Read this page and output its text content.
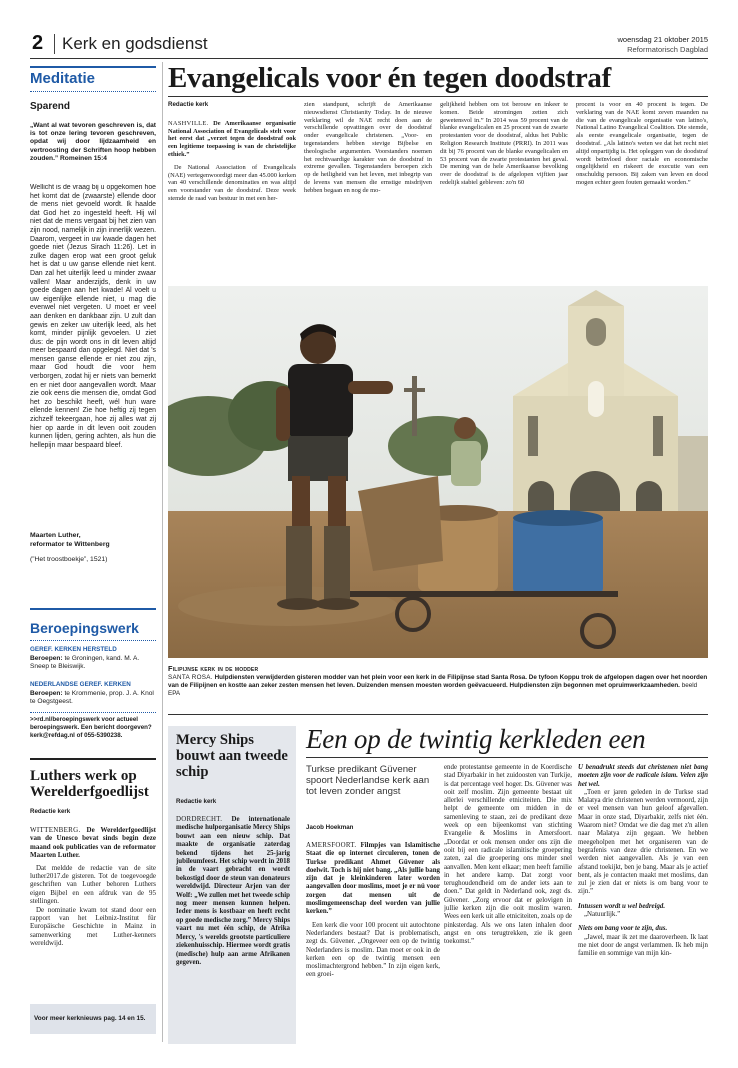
2 Kerk en godsdienst	woensdag 21 oktober 2015
Reformatorisch Dagblad
Meditatie
Sparend
„Want al wat tevoren geschreven is, dat is tot onze lering tevoren geschreven, opdat wij door lijdzaamheid en vertroosting der Schriften hoop hebben zouden.” Romeinen 15:4
Wellicht is de vraag bij u opgekomen hoe het komt dat de (zwaarste) ellende door de mens niet gevoeld wordt. Ik haalde dat God het zo ingesteld heeft. Hij wil niet dat de mens vergaat bij het zien van zijn nood, namelijk in zijn innerlijk wezen. Daarom, vergeet in uw kwade dagen het goede niet (Jezus Sirach 11:26). Let in zulke dagen erop wat een groot geluk het is dat u uw ganse ellende niet kent. Dan zal het uiterlijk leed u minder zwaar vallen! Maar anderzijds, denk in uw goede dagen aan het kwade! Al voelt u uw eigenlijke ellende niet, u mag die evenwel niet vergeten. U moet er veel aan denken en dankbaar zijn. U zult dan gewis en zeker uw uiterlijk leed, als het komt, minder pijnlijk gevoelen. U ziet dus: de pijn wordt ons in dit leven altijd meer bespaard dan opgelegd. Niet dat 's mensen ganse ellende er niet zou zijn, maar God houdt die voor hem verborgen, zodat hij er niets van bemerkt en er niet door aangevallen wordt. Maar zie ook eens die mensen die, omdat God het zo beschikt heeft, wél hun ware ellende kennen! Zie hoe heftig zij tegen zichzelf tekeergaan, hoe zij alles wat zij hier op aarde in dit leven ooit zouden kunnen lijden, gering achten, als hun die hellepijn maar bespaard bleef.
Maarten Luther,
reformator te Wittenberg
(”Het troostboekje”, 1521)
Beroepingswerk
GEREF. KERKEN HERSTELD
Beroepen: te Groningen, kand. M. A. Sneep te Bleiswijk.
NEDERLANDSE GEREF. KERKEN
Beroepen: te Krommenie, prop. J. A. Knol te Oegstgeest.
>>rd.nl/beroepingswerk voor actueel beroepingswerk. Een bericht doorgeven? kerk@refdag.nl of 055-5390238.
Luthers werk op Werelderfgoedlijst
Redactie kerk

WITTENBERG. De Werelderfgoedlijst van de Unesco bevat sinds begin deze maand ook publicaties van de reformator Maarten Luther.

Dat meldde de redactie van de site luther2017.de gisteren. Tot de toegevoegde geschriften van Luther behoren Luthers eigen Bijbel en een afdruk van de 95 stellingen.

De nominatie kwam tot stand door een rapport van het Leibniz-Institut für Europäische Geschichte in Mainz in samenwerking met Luther-kenners wereldwijd.

Voor meer kerknieuws pag. 14 en 15.
Evangelicals voor én tegen doodstraf
Redactie kerk

NASHVILLE. De Amerikaanse organisatie National Association of Evangelicals stelt voor het eerst dat „verzet tegen de doodstraf ook een legitieme toepassing is van de christelijke ethiek.”

De National Association of Evangelicals (NAE) vertegenwoordigt meer dan 45.000 kerken van 40 verschillende denominaties en was altijd een voorstander van de doodstraf. Deze week stemde de raad van bestuur in met een her-

zien standpunt, schrijft de Amerikaanse nieuwsdienst Christianity Today. In de nieuwe verklaring wil de NAE recht doen aan de verschillende opvattingen over de doodstraf onder evangelicale christenen. „Voor- en tegenstanders hebben stevige Bijbelse en theologische argumenten. Voorstanders noemen het rechtvaardige karakter van de doodstraf in extreme gevallen. Tegenstanders beroepen zich op de heiligheid van het leven, met inbegrip van de levens van mensen die ernstige misdrijven hebben begaan en nog de mo-
gelijkheid hebben om tot berouw en inkeer te komen. Beide stromingen zetten zich gewetensvol in.” In 2014 was 59 procent van de blanke evangelicalen en 25 procent van de zwarte protestanten voor de doodstraf, aldus het Public Religion Research Institute (PRRI). In 2011 was dit bij 76 procent van de blanke evangelicalen en 53 procent van de zwarte protestanten het geval. De mening van de hele Amerikaanse bevolking over de doodstraf is de afgelopen vijftien jaar redelijk stabiel gebleven: zo'n 60
procent is voor en 40 procent is tegen. De verklaring van de NAE komt zeven maanden na die van de evangelicale organisatie van latino's, National Latino Evangelical Coalition. Die stemde, als eerste evangelicale organisatie, tegen de doodstraf. „Als latino's weten we dat het recht niet altijd onpartijdig is. Het opleggen van de doodstraf wordt beïnvloed door raciale en economische ongelijkheid en riskeert de executie van een onschuldig persoon. Bij zaken van leven en dood mogen echter geen fouten gemaakt worden.”
Filipijnse kerk in de modder
SANTA ROSA. Hulpdiensten verwijderden gisteren modder van het plein voor een kerk in de Filipijnse stad Santa Rosa. De tyfoon Koppu trok de afgelopen dagen over het noorden van de Filipijnen en kostte aan zeker zesten mensen het leven. Duizenden mensen moesten worden geëvacueerd. Hulpdiensten zijn begonnen met opruimwerkzaamheden. beeld EPA
Mercy Ships bouwt aan tweede schip
Redactie kerk

DORDRECHT. De internationale medische hulporganisatie Mercy Ships bouwt aan een nieuw schip. Dat maakte de organisatie zaterdag bekend tijdens het 25-jarig jubileumfeest. Het schip wordt in 2018 in de vaart gebracht en wordt bekostigd door de steun van donateurs wereldwijd. Directeur Arjen van der Wolf: „We zullen met het tweede schip nog meer mensen kunnen helpen. Ieder mens is kostbaar en heeft recht op goede medische zorg.” Mercy Ships vaart nu met één schip, de Afrika Mercy, 's werelds grootste particuliere ziekenhuisschip. Hiermee wordt gratis (medische) hulp aan arme Afrikanen gegeven.

Een op de twintig kerkleden een
Turkse predikant Güvener spoort Nederlandse kerk aan tot leven zonder angst
Jacob Hoekman

AMERSFOORT. Filmpjes van Islamitische Staat die op internet circuleren, tonen de Turkse predikant Ahmet Güvener als doelwit. Toch is hij niet bang. „Als jullie bang zijn dat je kleinkinderen later worden aangevallen door moslims, moet je er nú voor zorgen dat mensen uit de moslimgemeenschap deel worden van jullie kerken.”

Een kerk die voor 100 procent uit autochtone Nederlanders bestaat? Dat is problematisch, zegt ds. Güvener. „Ongeveer een op de twintig Nederlanders is moslim. Dan moet er ook in de kerken een op de twintig mensen een moslimachtergrond hebben.” In zijn eigen kerk, een groei-

ende protestantse gemeente in de Koerdische stad Diyarbakir in het zuidoosten van Turkije, is dat percentage veel hoger. Ds. Güvener was ooit zelf moslim. Zijn gemeente bestaat uit allerlei verschillende etniciteiten. Die mix helpt de gemeente om midden in de samenleving te staan, zei de predikant deze week op een bijeenkomst van stichting Evangelie & Moslims in Amersfoort. „Doordat er ook mensen onder ons zijn die ooit bij een radicale islamitische groepering zaten, zal die groepering ons minder snel aanvallen. Men kent elkaar; men heeft familie in het andere kamp. Dat zorgt voor terughoudendheid om de ander iets aan te doen.” Dat geldt in Nederland ook, zegt ds. Güvener. „Zorg ervoor dat er gelovigen in jullie kerken zijn die ooit moslim waren. Wees een kerk uit alle etniciteiten, zoals op de pinksterdag. Als we ons laten inhalen door angst en ons terugtrekken, zie ik geen toekomst.”

U benadrukt steeds dat christenen niet bang moeten zijn voor de radicale islam. Velen zijn het wel.

„Toen er jaren geleden in de Turkse stad Malatya drie christenen werden vermoord, zijn er veel mensen van hun geloof afgevallen. Maar in onze stad, Diyarbakir, zelfs niet één. Waarom niet? Omdat we die dag met z'n allen naar Malatya zijn gegaan. We hebben meegeholpen met het organiseren van de begrafenis van deze drie christenen. En we werden niet aangevallen. Als je van een afstand toekijkt, ben je bang. Maar als je actief bent, als je contacten maakt met moslims, dan zul je zien dat er niets is om bang voor te zijn.”

Intussen wordt u wel bedreigd.

„Natuurlijk.”

Niets om bang voor te zijn, dus.

„Jawel, maar ik zet me daaroverheen. Ik laat me niet door de angst verlammen. Ik heb mijn familie en sommige van mijn kin-
